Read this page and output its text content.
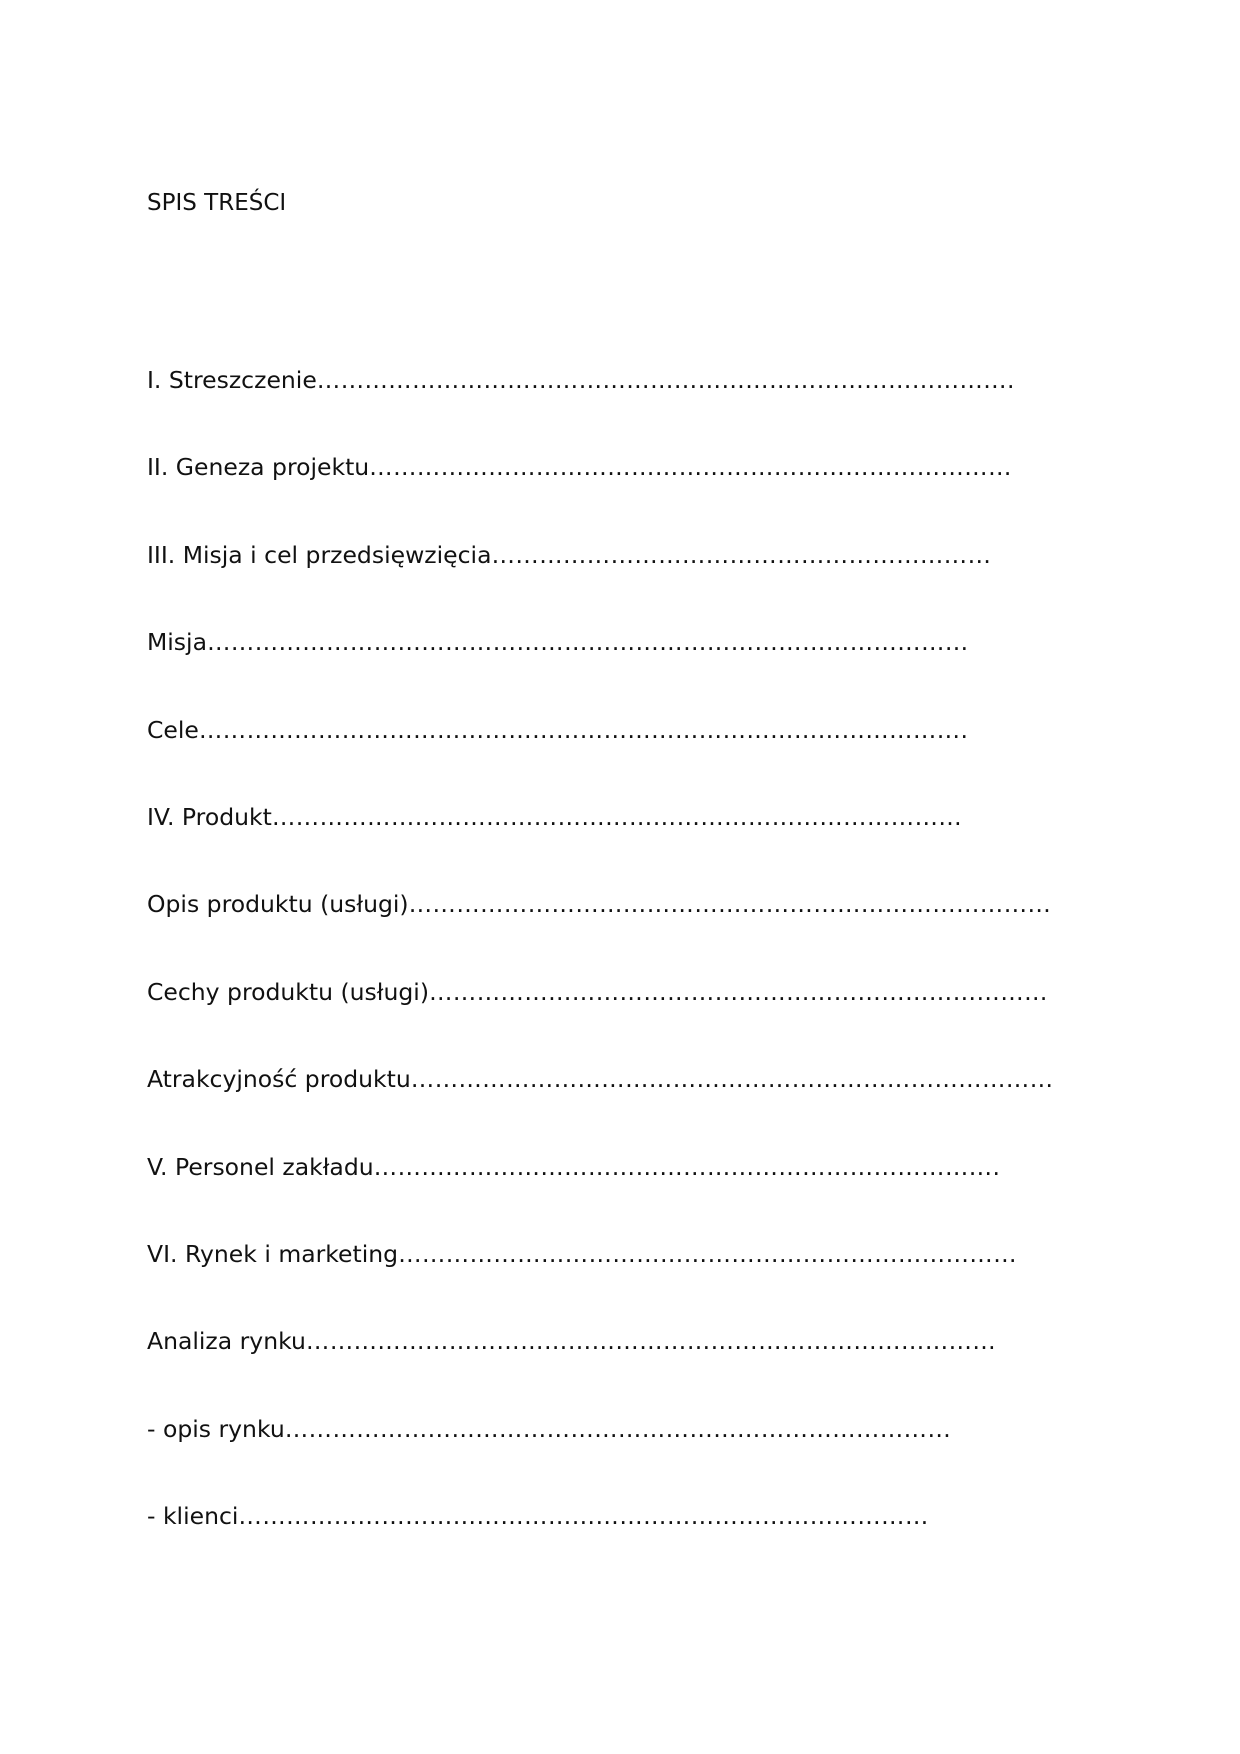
SPIS TREŚCI
I. Streszczenie…………………………………………………………………………….
II. Geneza projektu………………………………………………………………………
III. Misja i cel przedsięwzięcia………………………………………………………
Misja……………………………………………………………………………………
Cele…………………………………………………………………………………….
IV. Produkt……………………………………………………………………………
Opis produktu (usługi)………………………………………………………………………
Cechy produktu (usługi)……………………………………………………………………
Atrakcyjność produktu………………………………………………………………………
V. Personel zakładu…………………………………………………………………….
VI. Rynek i marketing……………………………………………………………………
Analiza rynku……………………………………………………………………………
- opis rynku…………………………………………………………………………
- klienci……………………………………………………………………………
